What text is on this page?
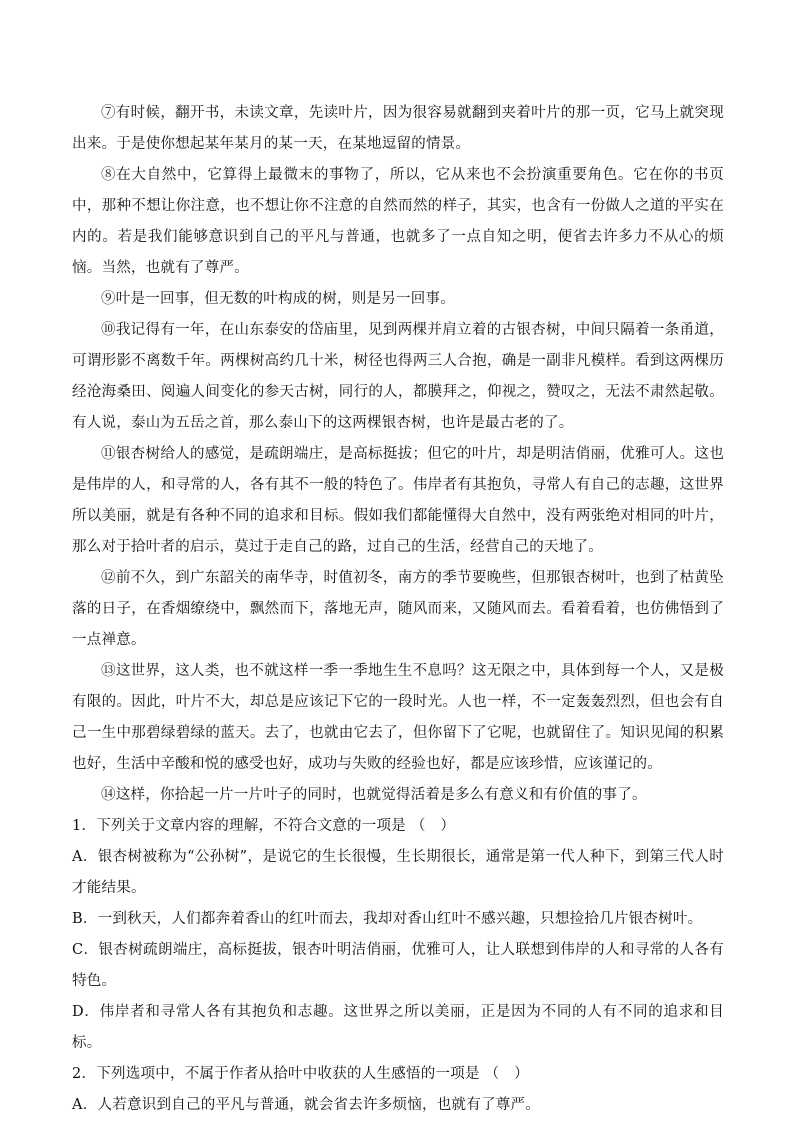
⑦有时候，翻开书，未读文章，先读叶片，因为很容易就翻到夹着叶片的那一页，它马上就突现出来。于是使你想起某年某月的某一天，在某地逗留的情景。

⑧在大自然中，它算得上最微末的事物了，所以，它从来也不会扮演重要角色。它在你的书页中，那种不想让你注意，也不想让你不注意的自然而然的样子，其实，也含有一份做人之道的平实在内的。若是我们能够意识到自己的平凡与普通，也就多了一点自知之明，便省去许多力不从心的烦恼。当然，也就有了尊严。

⑨叶是一回事，但无数的叶构成的树，则是另一回事。

⑩我记得有一年，在山东泰安的岱庙里，见到两棵并肩立着的古银杏树，中间只隔着一条甬道，可谓形影不离数千年。两棵树高约几十米，树径也得两三人合抱，确是一副非凡模样。看到这两棵历经沧海桑田、阅遍人间变化的参天古树，同行的人，都膜拜之，仰视之，赞叹之，无法不肃然起敬。有人说，泰山为五岳之首，那么泰山下的这两棵银杏树，也许是最古老的了。

⑪银杏树给人的感觉，是疏朗端庄，是高标挺拔；但它的叶片，却是明洁俏丽，优雅可人。这也是伟岸的人，和寻常的人，各有其不一般的特色了。伟岸者有其抱负，寻常人有自己的志趣，这世界所以美丽，就是有各种不同的追求和目标。假如我们都能懂得大自然中，没有两张绝对相同的叶片，那么对于拾叶者的启示，莫过于走自己的路，过自己的生活，经营自己的天地了。

⑫前不久，到广东韶关的南华寺，时值初冬，南方的季节要晚些，但那银杏树叶，也到了枯黄坠落的日子，在香烟缭绕中，飘然而下，落地无声，随风而来，又随风而去。看着看着，也仿佛悟到了一点禅意。

⑬这世界，这人类，也不就这样一季一季地生生不息吗？这无限之中，具体到每一个人，又是极有限的。因此，叶片不大，却总是应该记下它的一段时光。人也一样，不一定轰轰烈烈，但也会有自己一生中那碧绿碧绿的蓝天。去了，也就由它去了，但你留下了它呢，也就留住了。知识见闻的积累也好，生活中辛酸和悦的感受也好，成功与失败的经验也好，都是应该珍惜，应该谨记的。

⑭这样，你拾起一片一片叶子的同时，也就觉得活着是多么有意义和有价值的事了。

1．下列关于文章内容的理解，不符合文意的一项是 （　）

A．银杏树被称为“公孙树”，是说它的生长很慢，生长期很长，通常是第一代人种下，到第三代人时才能结果。

B．一到秋天，人们都奔着香山的红叶而去，我却对香山红叶不感兴趣，只想捡拾几片银杏树叶。

C．银杏树疏朗端庄，高标挺拔，银杏叶明洁俏丽，优雅可人，让人联想到伟岸的人和寻常的人各有特色。

D．伟岸者和寻常人各有其抱负和志趣。这世界之所以美丽，正是因为不同的人有不同的追求和目标。

2．下列选项中，不属于作者从拾叶中收获的人生感悟的一项是 （　）

A．人若意识到自己的平凡与普通，就会省去许多烦恼，也就有了尊严。
